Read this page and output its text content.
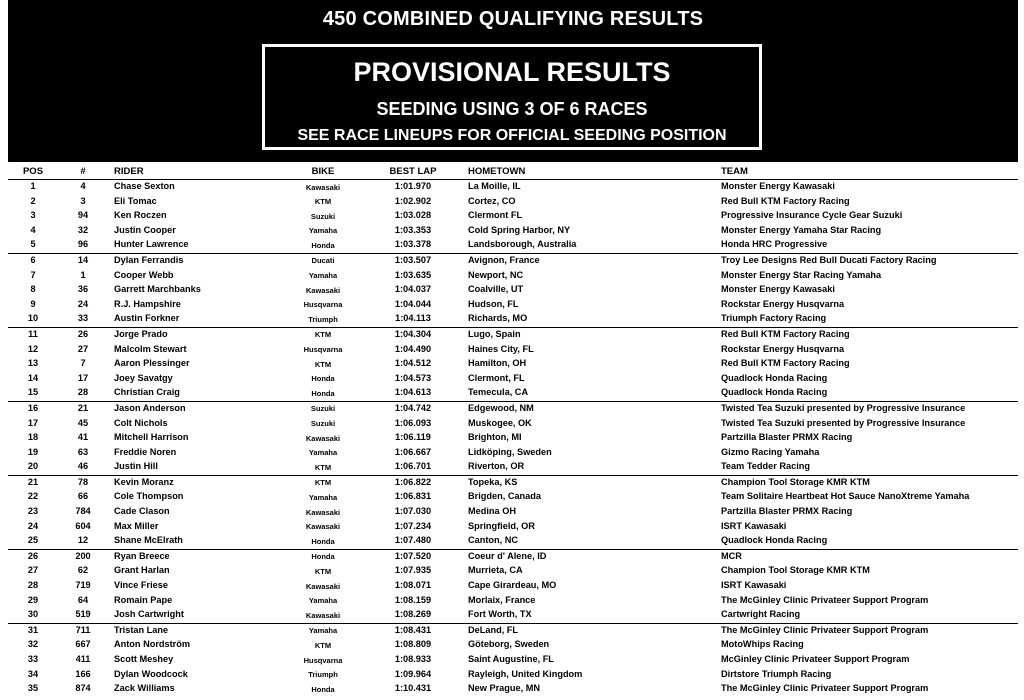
450 COMBINED QUALIFYING RESULTS
PROVISIONAL RESULTS
SEEDING USING 3 OF 6 RACES
SEE RACE LINEUPS FOR OFFICIAL SEEDING POSITION
POS	#	RIDER	BIKE	BEST LAP	HOMETOWN	TEAM
1	4	Chase Sexton	Kawasaki	1:01.970	La Moille, IL	Monster Energy Kawasaki
2	3	Eli Tomac	KTM	1:02.902	Cortez, CO	Red Bull KTM Factory Racing
3	94	Ken Roczen	Suzuki	1:03.028	Clermont FL	Progressive Insurance Cycle Gear Suzuki
4	32	Justin Cooper	Yamaha	1:03.353	Cold Spring Harbor, NY	Monster Energy Yamaha Star Racing
5	96	Hunter Lawrence	Honda	1:03.378	Landsborough, Australia	Honda HRC Progressive
6	14	Dylan Ferrandis	Ducati	1:03.507	Avignon, France	Troy Lee Designs Red Bull Ducati Factory Racing
7	1	Cooper Webb	Yamaha	1:03.635	Newport, NC	Monster Energy Star Racing Yamaha
8	36	Garrett Marchbanks	Kawasaki	1:04.037	Coalville, UT	Monster Energy Kawasaki
9	24	R.J. Hampshire	Husqvarna	1:04.044	Hudson, FL	Rockstar Energy Husqvarna
10	33	Austin Forkner	Triumph	1:04.113	Richards, MO	Triumph Factory Racing
11	26	Jorge Prado	KTM	1:04.304	Lugo, Spain	Red Bull KTM Factory Racing
12	27	Malcolm Stewart	Husqvarna	1:04.490	Haines City, FL	Rockstar Energy Husqvarna
13	7	Aaron Plessinger	KTM	1:04.512	Hamilton, OH	Red Bull KTM Factory Racing
14	17	Joey Savatgy	Honda	1:04.573	Clermont, FL	Quadlock Honda Racing
15	28	Christian Craig	Honda	1:04.613	Temecula, CA	Quadlock Honda Racing
16	21	Jason Anderson	Suzuki	1:04.742	Edgewood, NM	Twisted Tea Suzuki presented by Progressive Insurance
17	45	Colt Nichols	Suzuki	1:06.093	Muskogee, OK	Twisted Tea Suzuki presented by Progressive Insurance
18	41	Mitchell Harrison	Kawasaki	1:06.119	Brighton, MI	Partzilla Blaster PRMX Racing
19	63	Freddie Noren	Yamaha	1:06.667	Lidköping, Sweden	Gizmo Racing Yamaha
20	46	Justin Hill	KTM	1:06.701	Riverton, OR	Team Tedder Racing
21	78	Kevin Moranz	KTM	1:06.822	Topeka, KS	Champion Tool Storage KMR KTM
22	66	Cole Thompson	Yamaha	1:06.831	Brigden, Canada	Team Solitaire Heartbeat Hot Sauce NanoXtreme Yamaha
23	784	Cade Clason	Kawasaki	1:07.030	Medina OH	Partzilla Blaster PRMX Racing
24	604	Max Miller	Kawasaki	1:07.234	Springfield, OR	ISRT Kawasaki
25	12	Shane McElrath	Honda	1:07.480	Canton, NC	Quadlock Honda Racing
26	200	Ryan Breece	Honda	1:07.520	Coeur d' Alene, ID	MCR
27	62	Grant Harlan	KTM	1:07.935	Murrieta, CA	Champion Tool Storage KMR KTM
28	719	Vince Friese	Kawasaki	1:08.071	Cape Girardeau, MO	ISRT Kawasaki
29	64	Romain Pape	Yamaha	1:08.159	Morlaix, France	The McGinley Clinic Privateer Support Program
30	519	Josh Cartwright	Kawasaki	1:08.269	Fort Worth, TX	Cartwright Racing
31	711	Tristan Lane	Yamaha	1:08.431	DeLand, FL	The McGinley Clinic Privateer Support Program
32	667	Anton Nordström	KTM	1:08.809	Göteborg, Sweden	MotoWhips Racing
33	411	Scott Meshey	Husqvarna	1:08.933	Saint Augustine, FL	McGinley Clinic Privateer Support Program
34	166	Dylan Woodcock	Triumph	1:09.964	Rayleigh, United Kingdom	Dirtstore Triumph Racing
35	874	Zack Williams	Honda	1:10.431	New Prague, MN	The McGinley Clinic Privateer Support Program
